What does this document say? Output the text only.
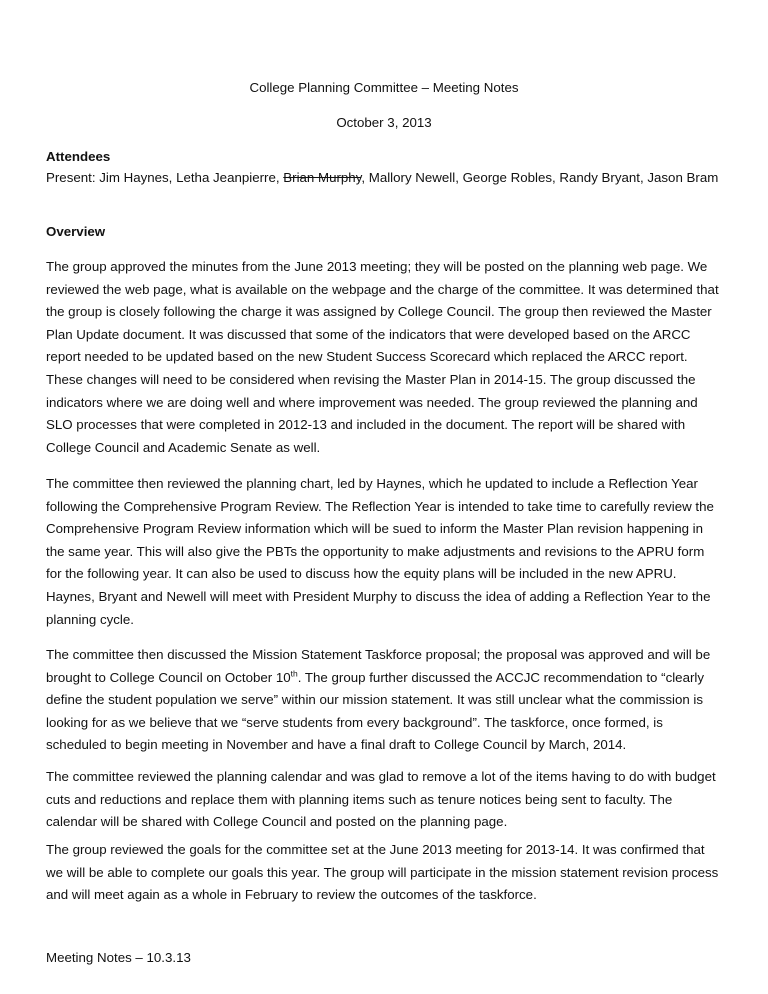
College Planning Committee – Meeting Notes
October 3, 2013
Attendees
Present: Jim Haynes, Letha Jeanpierre, Brian Murphy, Mallory Newell, George Robles, Randy Bryant, Jason Bram
Overview

The group approved the minutes from the June 2013 meeting; they will be posted on the planning web page. We reviewed the web page, what is available on the webpage and the charge of the committee. It was determined that the group is closely following the charge it was assigned by College Council. The group then reviewed the Master Plan Update document. It was discussed that some of the indicators that were developed based on the ARCC report needed to be updated based on the new Student Success Scorecard which replaced the ARCC report. These changes will need to be considered when revising the Master Plan in 2014-15. The group discussed the indicators where we are doing well and where improvement was needed. The group reviewed the planning and SLO processes that were completed in 2012-13 and included in the document. The report will be shared with College Council and Academic Senate as well.

The committee then reviewed the planning chart, led by Haynes, which he updated to include a Reflection Year following the Comprehensive Program Review. The Reflection Year is intended to take time to carefully review the Comprehensive Program Review information which will be sued to inform the Master Plan revision happening in the same year. This will also give the PBTs the opportunity to make adjustments and revisions to the APRU form for the following year. It can also be used to discuss how the equity plans will be included in the new APRU. Haynes, Bryant and Newell will meet with President Murphy to discuss the idea of adding a Reflection Year to the planning cycle.

The committee then discussed the Mission Statement Taskforce proposal; the proposal was approved and will be brought to College Council on October 10th. The group further discussed the ACCJC recommendation to “clearly define the student population we serve” within our mission statement. It was still unclear what the commission is looking for as we believe that we “serve students from every background”. The taskforce, once formed, is scheduled to begin meeting in November and have a final draft to College Council by March, 2014.

The committee reviewed the planning calendar and was glad to remove a lot of the items having to do with budget cuts and reductions and replace them with planning items such as tenure notices being sent to faculty. The calendar will be shared with College Council and posted on the planning page.

The group reviewed the goals for the committee set at the June 2013 meeting for 2013-14. It was confirmed that we will be able to complete our goals this year. The group will participate in the mission statement revision process and will meet again as a whole in February to review the outcomes of the taskforce.

Meeting Notes – 10.3.13
